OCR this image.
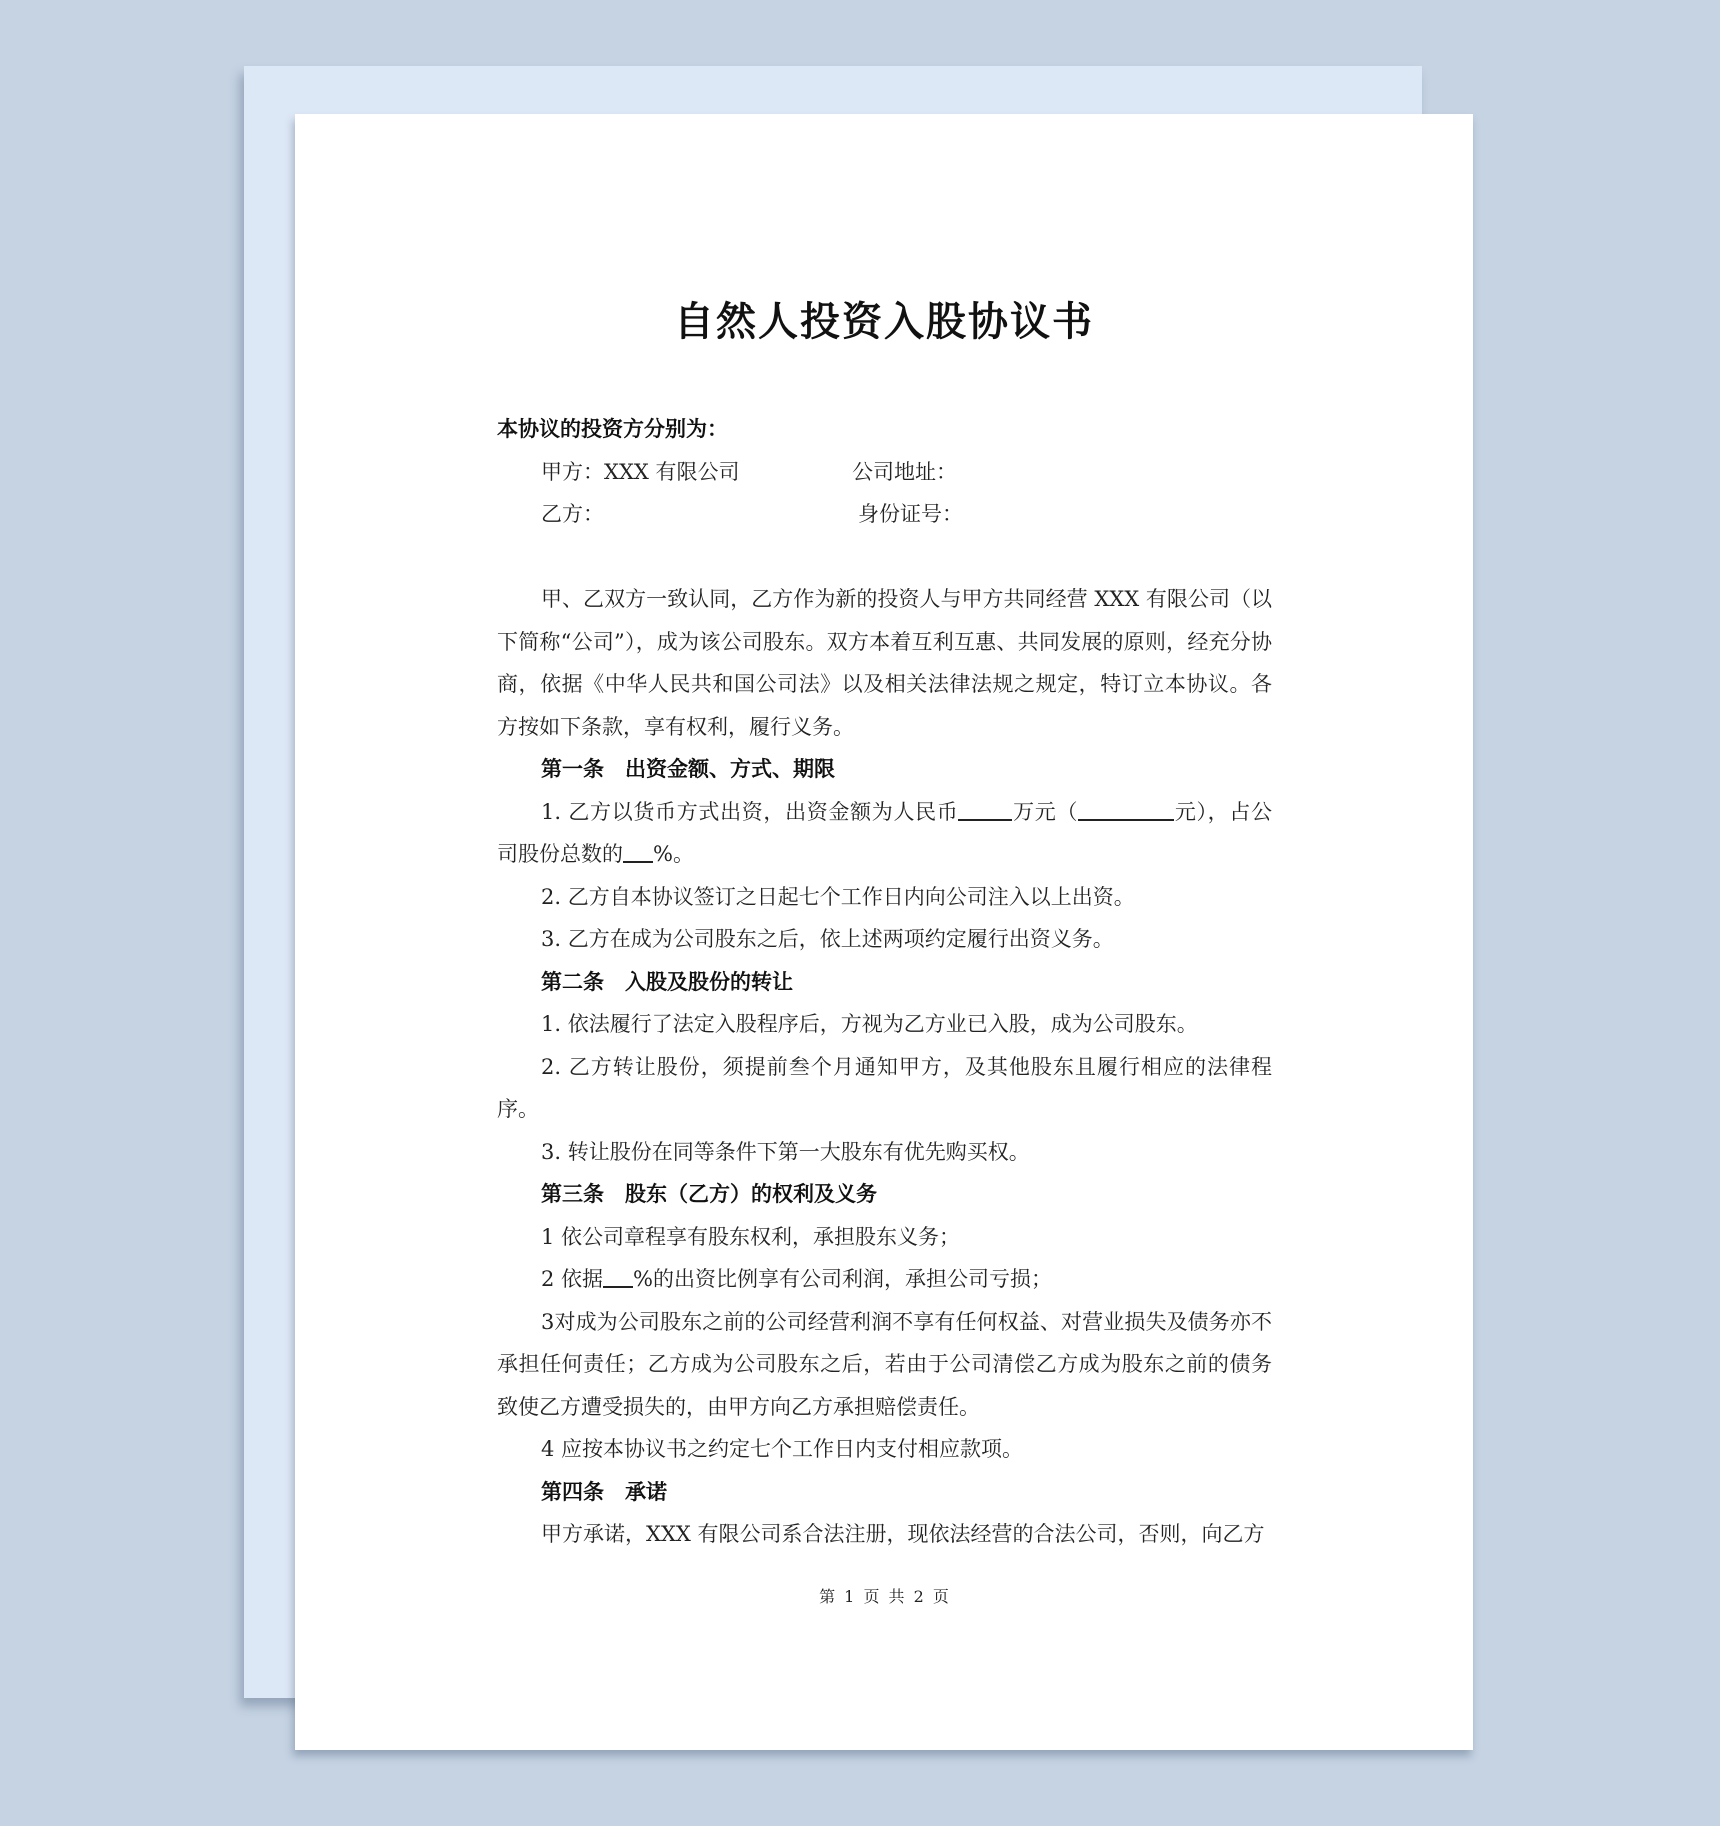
自然人投资入股协议书

本协议的投资方分别为：

甲方：XXX 有限公司	公司地址：
乙方：	身份证号：

甲、乙双方一致认同，乙方作为新的投资人与甲方共同经营 XXX 有限公司（以下简称“公司”），成为该公司股东。双方本着互利互惠、共同发展的原则，经充分协商，依据《中华人民共和国公司法》以及相关法律法规之规定，特订立本协议。各方按如下条款，享有权利，履行义务。

第一条　出资金额、方式、期限

1. 乙方以货币方式出资，出资金额为人民币	万元（	元），占公司股份总数的 %。

2. 乙方自本协议签订之日起七个工作日内向公司注入以上出资。

3. 乙方在成为公司股东之后，依上述两项约定履行出资义务。

第二条　入股及股份的转让

1. 依法履行了法定入股程序后，方视为乙方业已入股，成为公司股东。

2. 乙方转让股份，须提前叁个月通知甲方，及其他股东且履行相应的法律程序。

3. 转让股份在同等条件下第一大股东有优先购买权。

第三条　股东（乙方）的权利及义务

1 依公司章程享有股东权利，承担股东义务；

2 依据 %的出资比例享有公司利润，承担公司亏损；

3对成为公司股东之前的公司经营利润不享有任何权益、对营业损失及债务亦不承担任何责任；乙方成为公司股东之后，若由于公司清偿乙方成为股东之前的债务致使乙方遭受损失的，由甲方向乙方承担赔偿责任。

4 应按本协议书之约定七个工作日内支付相应款项。

第四条　承诺

甲方承诺，XXX 有限公司系合法注册，现依法经营的合法公司，否则，向乙方

第 1 页 共 2 页
